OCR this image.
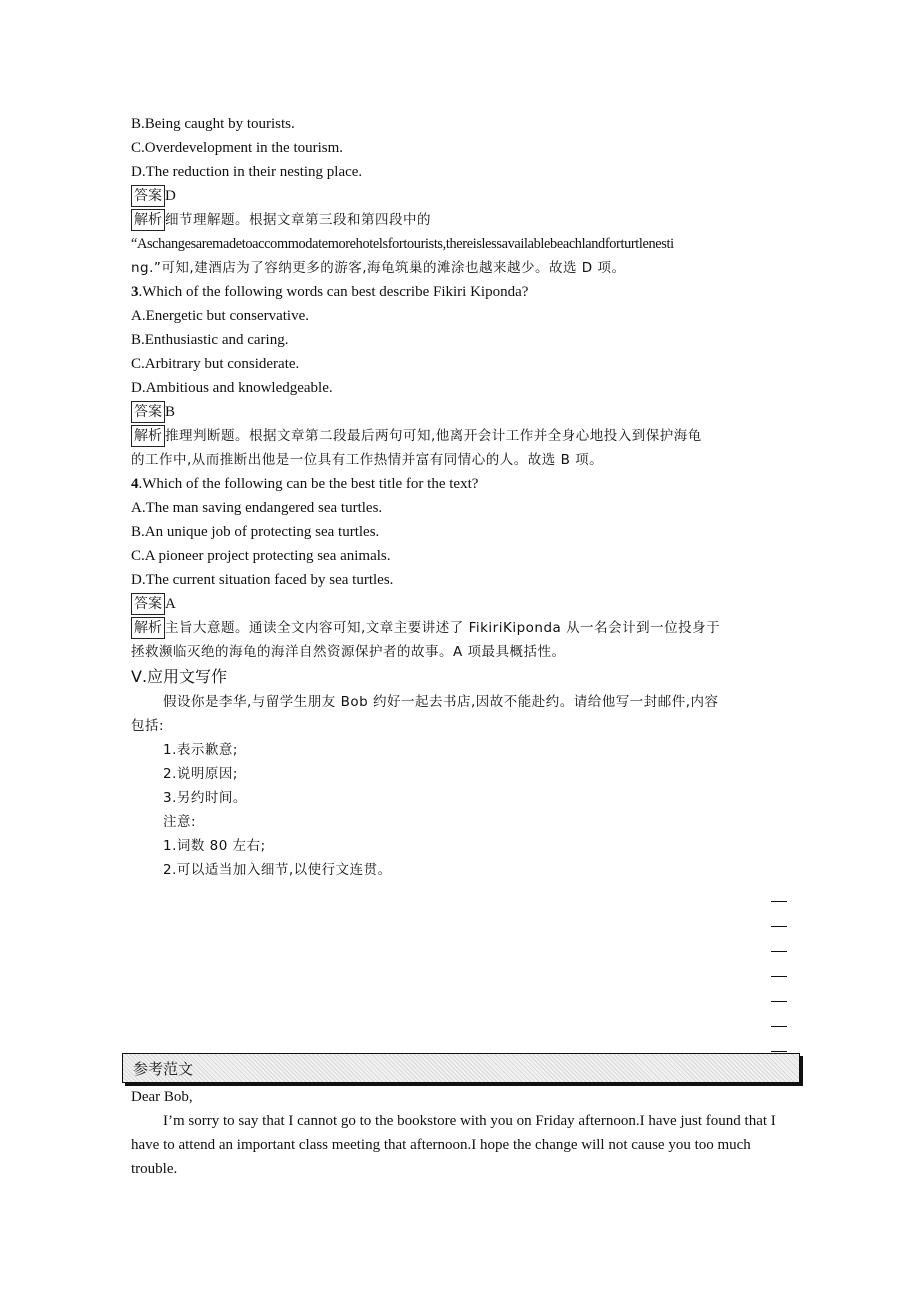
B.Being caught by tourists.
C.Overdevelopment in the tourism.
D.The reduction in their nesting place.
答案 D
解析 细节理解题。根据文章第三段和第四段中的
“Aschangesaremadetoaccommodatemorehotelsfortourists,thereislessavailablebeachlandforturtlenesti
ng.”可知,建酒店为了容纳更多的游客,海龟筑巢的滩涂也越来越少。故选 D 项。
3.Which of the following words can best describe Fikiri Kiponda?
A.Energetic but conservative.
B.Enthusiastic and caring.
C.Arbitrary but considerate.
D.Ambitious and knowledgeable.
答案 B
解析 推理判断题。根据文章第二段最后两句可知,他离开会计工作并全身心地投入到保护海龟
的工作中,从而推断出他是一位具有工作热情并富有同情心的人。故选 B 项。
4.Which of the following can be the best title for the text?
A.The man saving endangered sea turtles.
B.An unique job of protecting sea turtles.
C.A pioneer project protecting sea animals.
D.The current situation faced by sea turtles.
答案 A
解析 主旨大意题。通读全文内容可知,文章主要讲述了 FikiriKiponda 从一名会计到一位投身于
拯救濒临灭绝的海龟的海洋自然资源保护者的故事。A 项最具概括性。
Ⅴ.应用文写作
假设你是李华,与留学生朋友 Bob 约好一起去书店,因故不能赴约。请给他写一封邮件,内容
包括:
1.表示歉意;
2.说明原因;
3.另约时间。
注意:
1.词数 80 左右;
2.可以适当加入细节,以使行文连贯。
参考范文
Dear Bob,
I’m sorry to say that I cannot go to the bookstore with you on Friday afternoon.I have just found that I have to attend an important class meeting that afternoon.I hope the change will not cause you too much trouble.
